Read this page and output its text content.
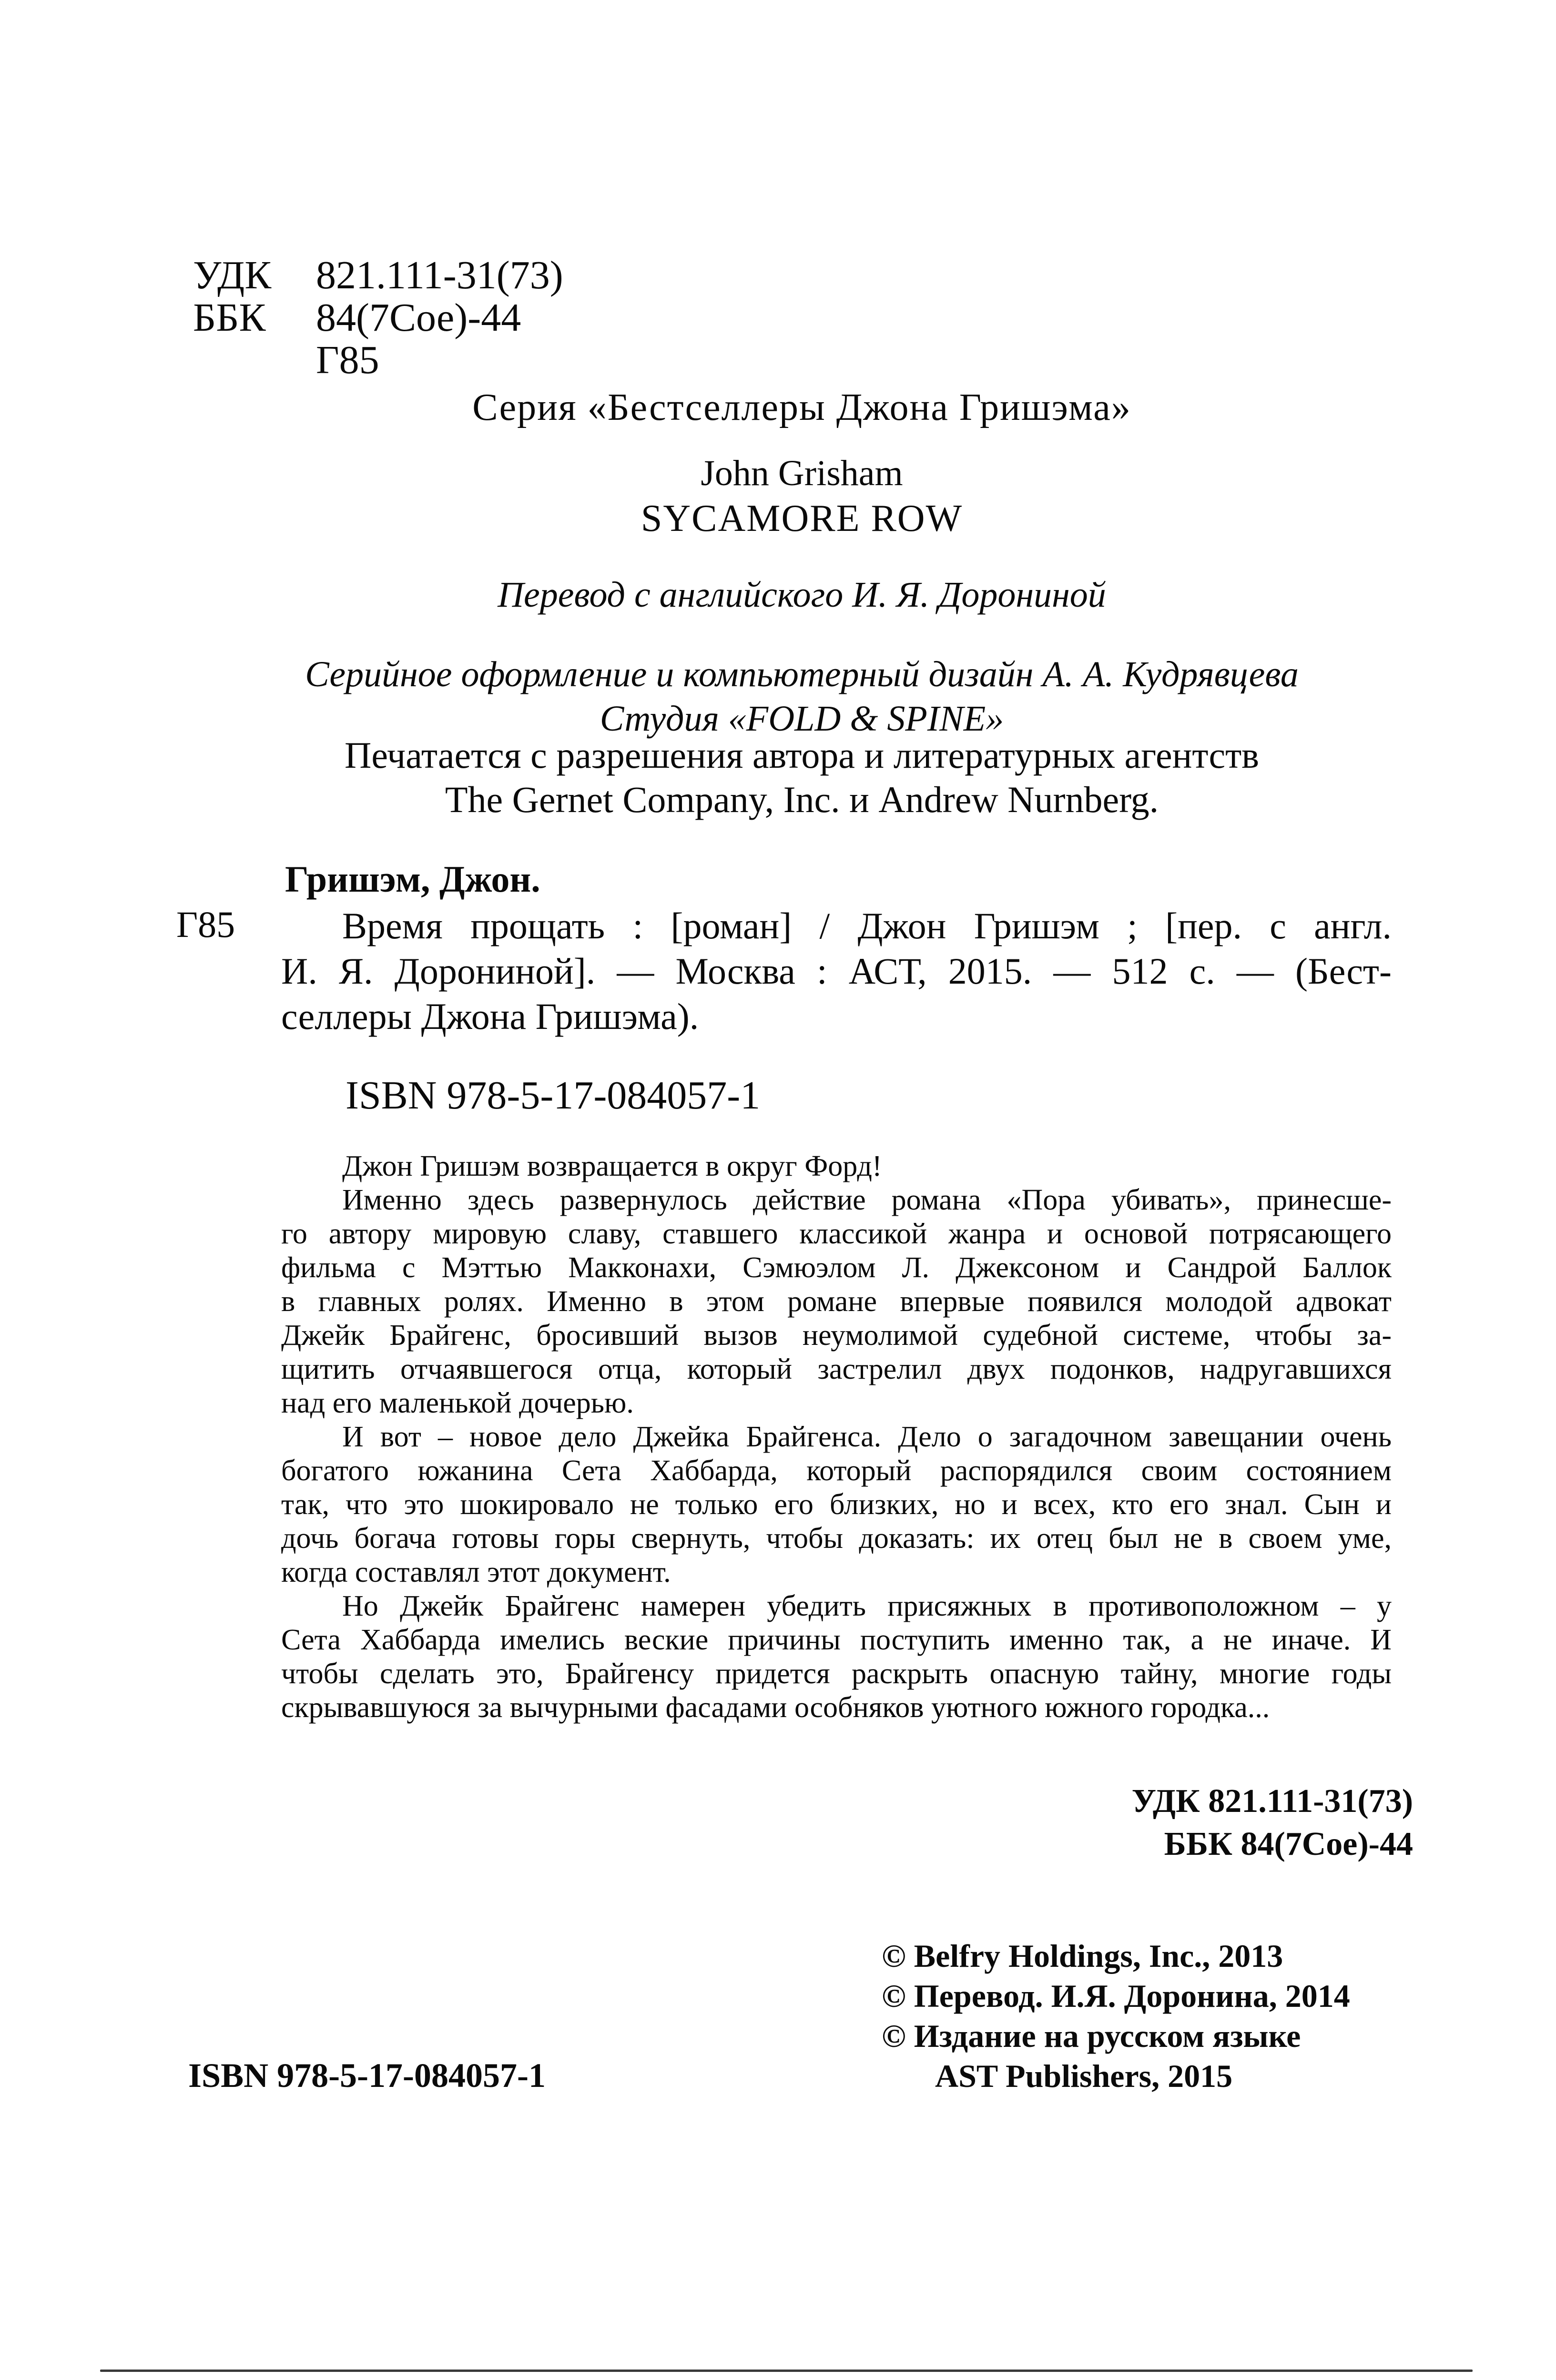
УДК 821.111-31(73)
ББК 84(7Сое)-44
Г85
Серия «Бестселлеры Джона Гришэма»
John Grisham
SYCAMORE ROW
Перевод с английского И. Я. Дорониной
Серийное оформление и компьютерный дизайн А. А. Кудрявцева
Студия «FOLD & SPINE»
Печатается с разрешения автора и литературных агентств
The Gernet Company, Inc. и Andrew Nurnberg.
Гришэм, Джон.
Г85	Время прощать : [роман] / Джон Гришэм ; [пер. с англ.
И. Я. Дорониной]. — Москва : АСТ, 2015. — 512 с. — (Бест-
селлеры Джона Гришэма).
ISBN 978-5-17-084057-1
Джон Гришэм возвращается в округ Форд!
Именно здесь развернулось действие романа «Пора убивать», принесше-
го автору мировую славу, ставшего классикой жанра и основой потрясающего
фильма с Мэттью Макконахи, Сэмюэлом Л. Джексоном и Сандрой Баллок
в главных ролях. Именно в этом романе впервые появился молодой адвокат
Джейк Брайгенс, бросивший вызов неумолимой судебной системе, чтобы за-
щитить отчаявшегося отца, который застрелил двух подонков, надругавшихся
над его маленькой дочерью.
И вот – новое дело Джейка Брайгенса. Дело о загадочном завещании очень
богатого южанина Сета Хаббарда, который распорядился своим состоянием
так, что это шокировало не только его близких, но и всех, кто его знал. Сын и
дочь богача готовы горы свернуть, чтобы доказать: их отец был не в своем уме,
когда составлял этот документ.
Но Джейк Брайгенс намерен убедить присяжных в противоположном – у
Сета Хаббарда имелись веские причины поступить именно так, а не иначе. И
чтобы сделать это, Брайгенсу придется раскрыть опасную тайну, многие годы
скрывавшуюся за вычурными фасадами особняков уютного южного городка...
УДК 821.111-31(73)
ББК 84(7Сое)-44
© Belfry Holdings, Inc., 2013
© Перевод. И.Я. Доронина, 2014
© Издание на русском языке
AST Publishers, 2015
ISBN 978-5-17-084057-1
